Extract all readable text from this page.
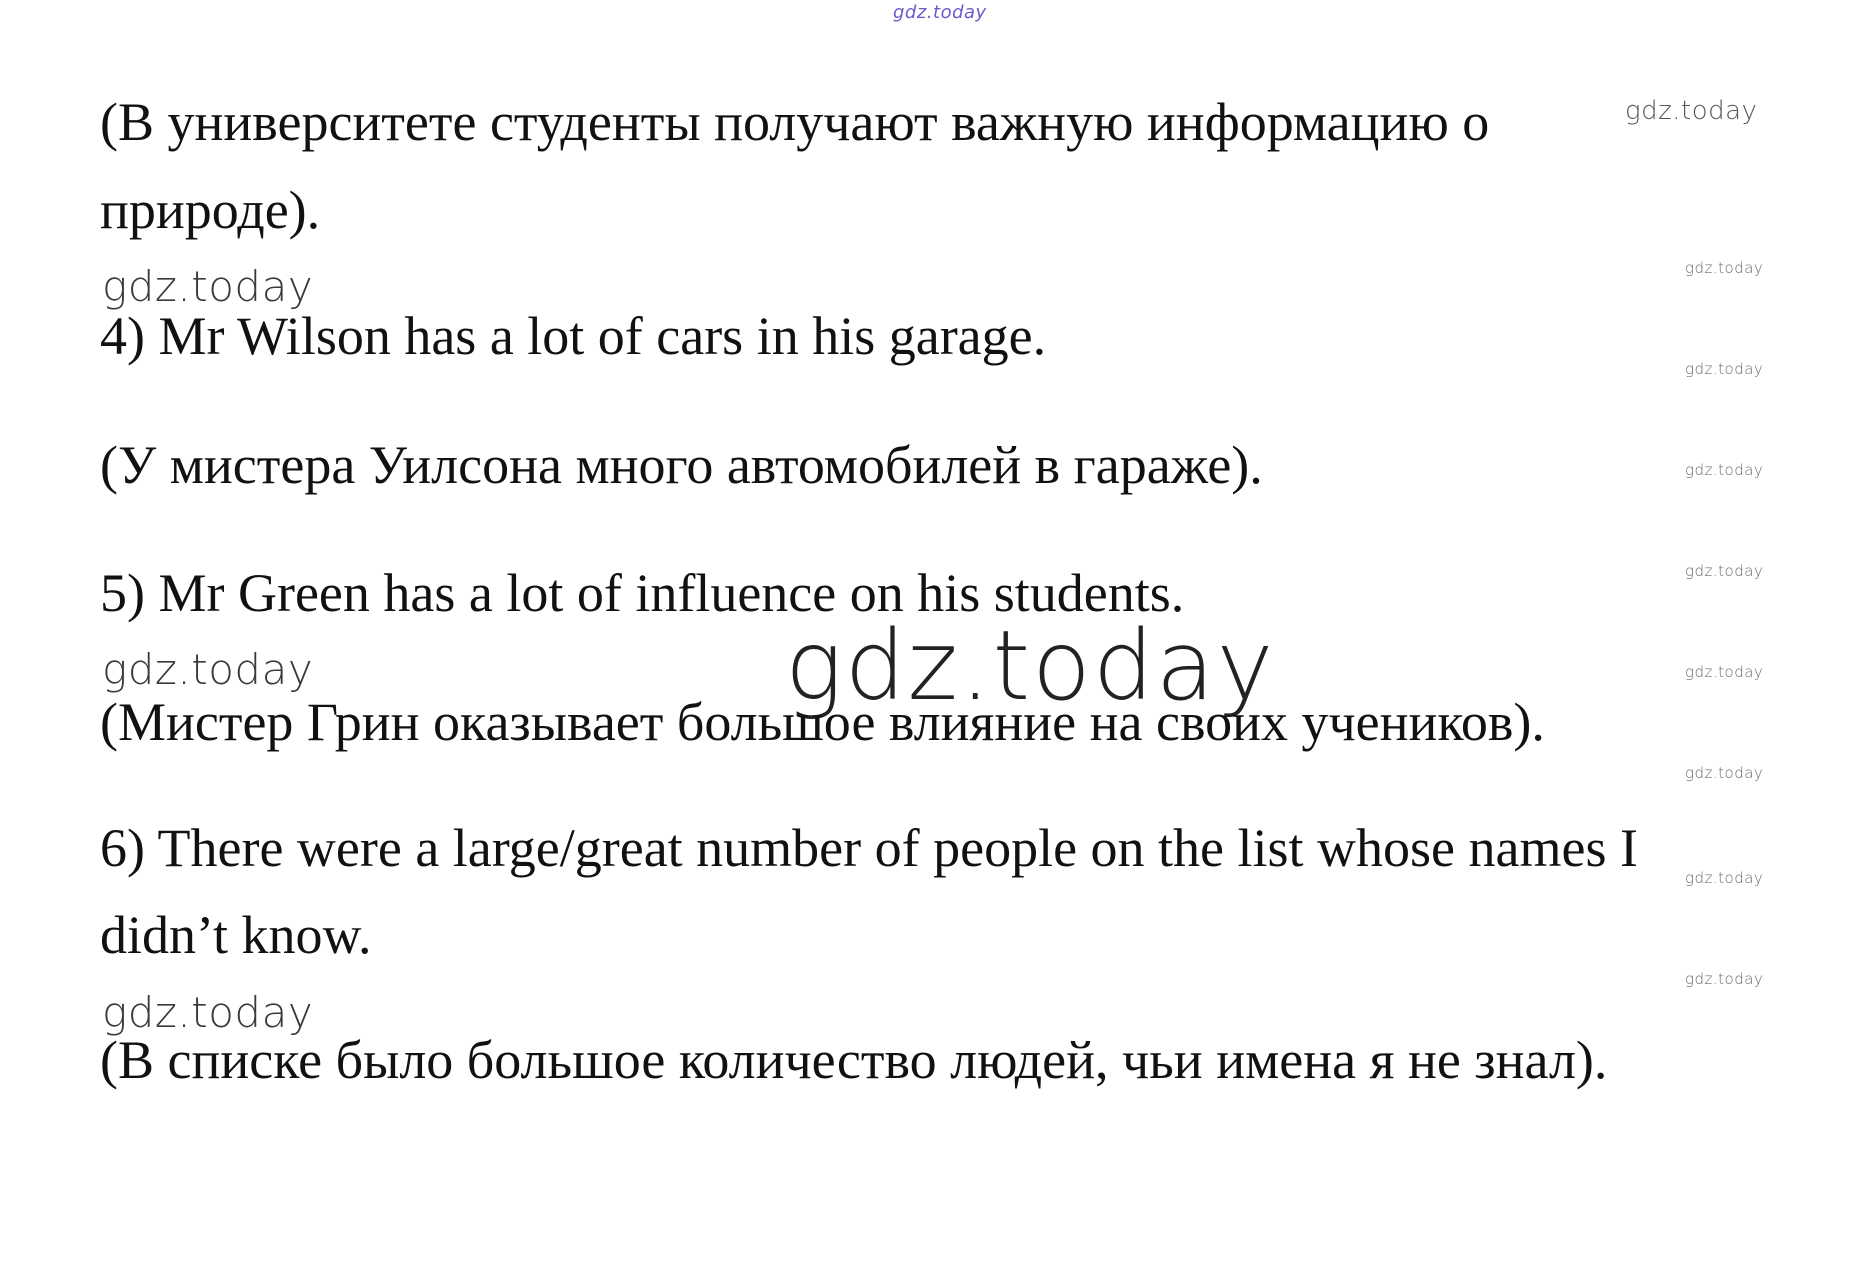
gdz.today

(В университете студенты получают важную информацию о	gdz.today

природе).

gdz.today	gdz.today

4) Mr Wilson has a lot of cars in his garage.

gdz.today

(У мистера Уилсона много автомобилей в гараже).	gdz.today
gdz.today

5) Mr Green has a lot of influence on his students.

gdz.today
gdz.today	gdz.today

(Мистер Грин оказывает большое влияние на своих учеников).

gdz.today

6) There were a large/great number of people on the list whose names I	gdz.today

didn’t know.

gdz.today
gdz.today

(В списке было большое количество людей, чьи имена я не знал).
